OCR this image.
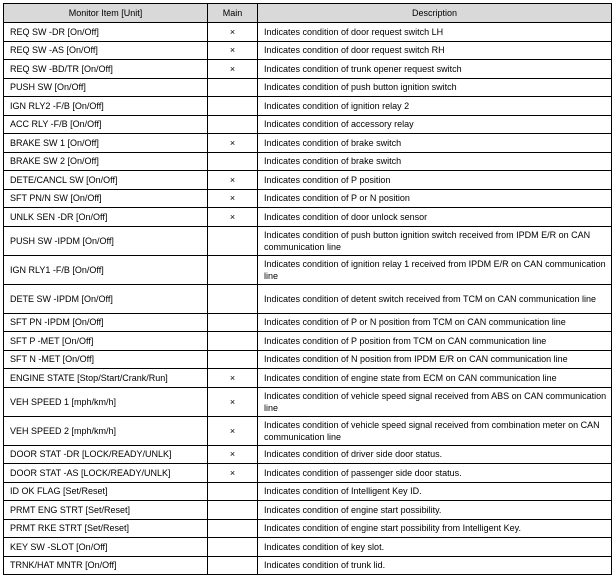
Monitor Item [Unit]	Main	Description
REQ SW -DR [On/Off]	×	Indicates condition of door request switch LH
REQ SW -AS [On/Off]	×	Indicates condition of door request switch RH
REQ SW -BD/TR [On/Off]	×	Indicates condition of trunk opener request switch
PUSH SW [On/Off]		Indicates condition of push button ignition switch
IGN RLY2 -F/B [On/Off]		Indicates condition of ignition relay 2
ACC RLY -F/B [On/Off]		Indicates condition of accessory relay
BRAKE SW 1 [On/Off]	×	Indicates condition of brake switch
BRAKE SW 2 [On/Off]		Indicates condition of brake switch
DETE/CANCL SW [On/Off]	×	Indicates condition of P position
SFT PN/N SW [On/Off]	×	Indicates condition of P or N position
UNLK SEN -DR [On/Off]	×	Indicates condition of door unlock sensor
PUSH SW -IPDM [On/Off]		Indicates condition of push button ignition switch received from IPDM E/R on CAN communication line
IGN RLY1 -F/B [On/Off]		Indicates condition of ignition relay 1 received from IPDM E/R on CAN communication line
DETE SW -IPDM [On/Off]		Indicates condition of detent switch received from TCM on CAN communication line
SFT PN -IPDM [On/Off]		Indicates condition of P or N position from TCM on CAN communication line
SFT P -MET [On/Off]		Indicates condition of P position from TCM on CAN communication line
SFT N -MET [On/Off]		Indicates condition of N position from IPDM E/R on CAN communication line
ENGINE STATE [Stop/Start/Crank/Run]	×	Indicates condition of engine state from ECM on CAN communication line
VEH SPEED 1 [mph/km/h]	×	Indicates condition of vehicle speed signal received from ABS on CAN communication line
VEH SPEED 2 [mph/km/h]	×	Indicates condition of vehicle speed signal received from combination meter on CAN communication line
DOOR STAT -DR [LOCK/READY/UNLK]	×	Indicates condition of driver side door status.
DOOR STAT -AS [LOCK/READY/UNLK]	×	Indicates condition of passenger side door status.
ID OK FLAG [Set/Reset]		Indicates condition of Intelligent Key ID.
PRMT ENG STRT [Set/Reset]		Indicates condition of engine start possibility.
PRMT RKE STRT [Set/Reset]		Indicates condition of engine start possibility from Intelligent Key.
KEY SW -SLOT [On/Off]		Indicates condition of key slot.
TRNK/HAT MNTR [On/Off]		Indicates condition of trunk lid.
